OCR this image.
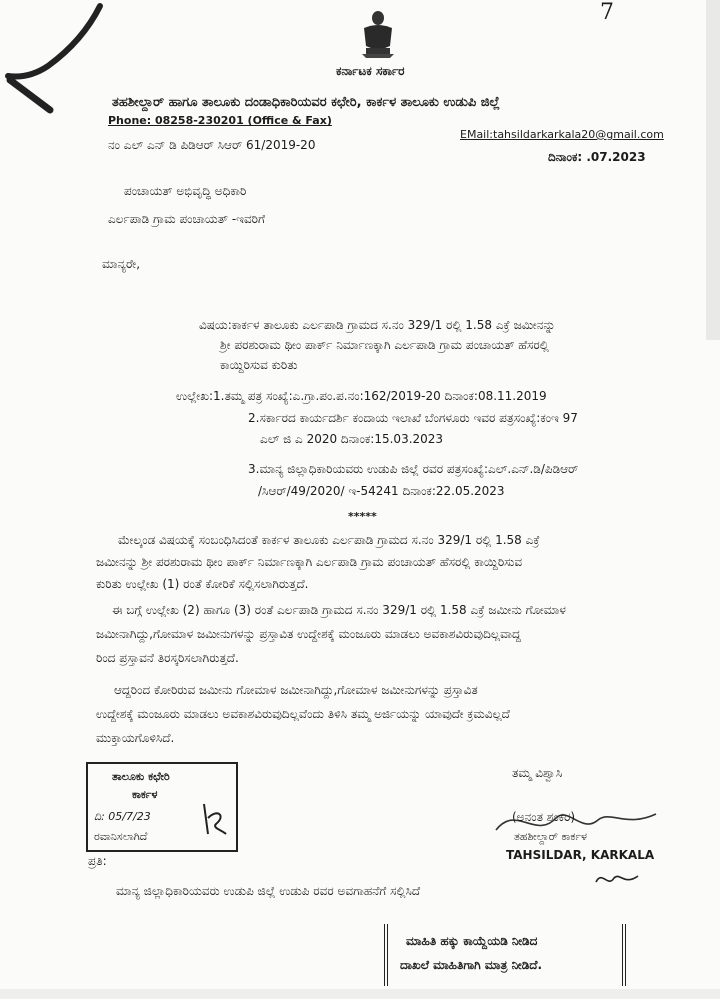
7
ಕರ್ನಾಟಕ ಸರ್ಕಾರ
ತಹಶೀಲ್ದಾರ್ ಹಾಗೂ ತಾಲೂಕು ದಂಡಾಧಿಕಾರಿಯವರ ಕಛೇರಿ, ಕಾರ್ಕಳ ತಾಲೂಕು ಉಡುಪಿ ಜಿಲ್ಲೆ
Phone: 08258-230201 (Office & Fax)
EMail:tahsildarkarkala20@gmail.com
ನಂ ಎಲ್ ಎನ್ ಡಿ ಪಿಡಿಆರ್ ಸಿಆರ್ 61/2019-20
ದಿನಾಂಕ: .07.2023
ಪಂಚಾಯತ್ ಅಭಿವೃದ್ಧಿ ಅಧಿಕಾರಿ
ಎರ್ಲಪಾಡಿ ಗ್ರಾಮ ಪಂಚಾಯತ್ -ಇವರಿಗೆ
ಮಾನ್ಯರೇ,
ವಿಷಯ:ಕಾರ್ಕಳ ತಾಲೂಕು ಎರ್ಲಪಾಡಿ ಗ್ರಾಮದ ಸ.ನಂ 329/1 ರಲ್ಲಿ 1.58 ಎಕ್ರೆ ಜಮೀನನ್ನು
ಶ್ರೀ ಪರಶುರಾಮ ಥೀಂ ಪಾರ್ಕ್ ನಿರ್ಮಾಣಕ್ಕಾಗಿ ಎರ್ಲಪಾಡಿ ಗ್ರಾಮ ಪಂಚಾಯತ್ ಹೆಸರಲ್ಲಿ
ಕಾಯ್ದಿರಿಸುವ ಕುರಿತು
ಉಲ್ಲೇಖ:1.ತಮ್ಮ ಪತ್ರ ಸಂಖ್ಯೆ:ಎ.ಗ್ರಾ.ಪಂ.ಪ.ನಂ:162/2019-20 ದಿನಾಂಕ:08.11.2019
2.ಸರ್ಕಾರದ ಕಾರ್ಯದರ್ಶಿ ಕಂದಾಯ ಇಲಾಖೆ ಬೆಂಗಳೂರು ಇವರ ಪತ್ರಸಂಖ್ಯೆ:ಕಂಇ 97
ಎಲ್ ಜಿ ಎ 2020 ದಿನಾಂಕ:15.03.2023
3.ಮಾನ್ಯ ಜಿಲ್ಲಾಧಿಕಾರಿಯವರು ಉಡುಪಿ ಜಿಲ್ಲೆ ರವರ ಪತ್ರಸಂಖ್ಯೆ:ಎಲ್.ಎನ್.ಡಿ/ಪಿಡಿಆರ್
/ಸಿಆರ್/49/2020/ ಇ-54241 ದಿನಾಂಕ:22.05.2023
*****
ಮೇಲ್ಕಂಡ ವಿಷಯಕ್ಕೆ ಸಂಬಂಧಿಸಿದಂತೆ ಕಾರ್ಕಳ ತಾಲೂಕು ಎರ್ಲಪಾಡಿ ಗ್ರಾಮದ ಸ.ನಂ 329/1 ರಲ್ಲಿ 1.58 ಎಕ್ರೆ
ಜಮೀನನ್ನು ಶ್ರೀ ಪರಶುರಾಮ ಥೀಂ ಪಾರ್ಕ್ ನಿರ್ಮಾಣಕ್ಕಾಗಿ ಎರ್ಲಪಾಡಿ ಗ್ರಾಮ ಪಂಚಾಯತ್ ಹೆಸರಲ್ಲಿ ಕಾಯ್ದಿರಿಸುವ
ಕುರಿತು ಉಲ್ಲೇಖ (1) ರಂತೆ ಕೋರಿಕೆ ಸಲ್ಲಿಸಲಾಗಿರುತ್ತದೆ.
ಈ ಬಗ್ಗೆ ಉಲ್ಲೇಖ (2) ಹಾಗೂ (3) ರಂತೆ ಎರ್ಲಪಾಡಿ ಗ್ರಾಮದ ಸ.ನಂ 329/1 ರಲ್ಲಿ 1.58 ಎಕ್ರೆ ಜಮೀನು ಗೋಮಾಳ
ಜಮೀನಾಗಿದ್ದು,ಗೋಮಾಳ ಜಮೀನುಗಳನ್ನು ಪ್ರಸ್ತಾವಿತ ಉದ್ದೇಶಕ್ಕೆ ಮಂಜೂರು ಮಾಡಲು ಅವಕಾಶವಿರುವುದಿಲ್ಲವಾದ್ದ
ರಿಂದ ಪ್ರಸ್ತಾವನೆ ತಿರಸ್ಕರಿಸಲಾಗಿರುತ್ತದೆ.
ಆದ್ದರಿಂದ ಕೋರಿರುವ ಜಮೀನು ಗೋಮಾಳ ಜಮೀನಾಗಿದ್ದು,ಗೋಮಾಳ ಜಮೀನುಗಳನ್ನು ಪ್ರಸ್ತಾವಿತ
ಉದ್ದೇಶಕ್ಕೆ ಮಂಜೂರು ಮಾಡಲು ಅವಕಾಶವಿರುವುದಿಲ್ಲವೆಂದು ತಿಳಿಸಿ ತಮ್ಮ ಅರ್ಜಿಯನ್ನು ಯಾವುದೇ ಕ್ರಮವಿಲ್ಲದೆ
ಮುಕ್ತಾಯಗೊಳಿಸಿದೆ.
ತಮ್ಮ ವಿಶ್ವಾಸಿ
ತಾಲೂಕು ಕಛೇರಿ
ಕಾರ್ಕಳ
ದಿ: 05/7/23
ರವಾನಿಸಲಾಗಿದೆ
(ಅನಂತ ಶಂಕರ)
ತಹಶೀಲ್ದಾರ್ ಕಾರ್ಕಳ
TAHSILDAR, KARKALA
ಪ್ರತಿ:
ಮಾನ್ಯ ಜಿಲ್ಲಾಧಿಕಾರಿಯವರು ಉಡುಪಿ ಜಿಲ್ಲೆ ಉಡುಪಿ ರವರ ಅವಗಾಹನೆಗೆ ಸಲ್ಲಿಸಿದೆ
ಮಾಹಿತಿ ಹಕ್ಕು ಕಾಯ್ದೆಯಡಿ ನೀಡಿದ
ದಾಖಲೆ ಮಾಹಿತಿಗಾಗಿ ಮಾತ್ರ ನೀಡಿದೆ.
